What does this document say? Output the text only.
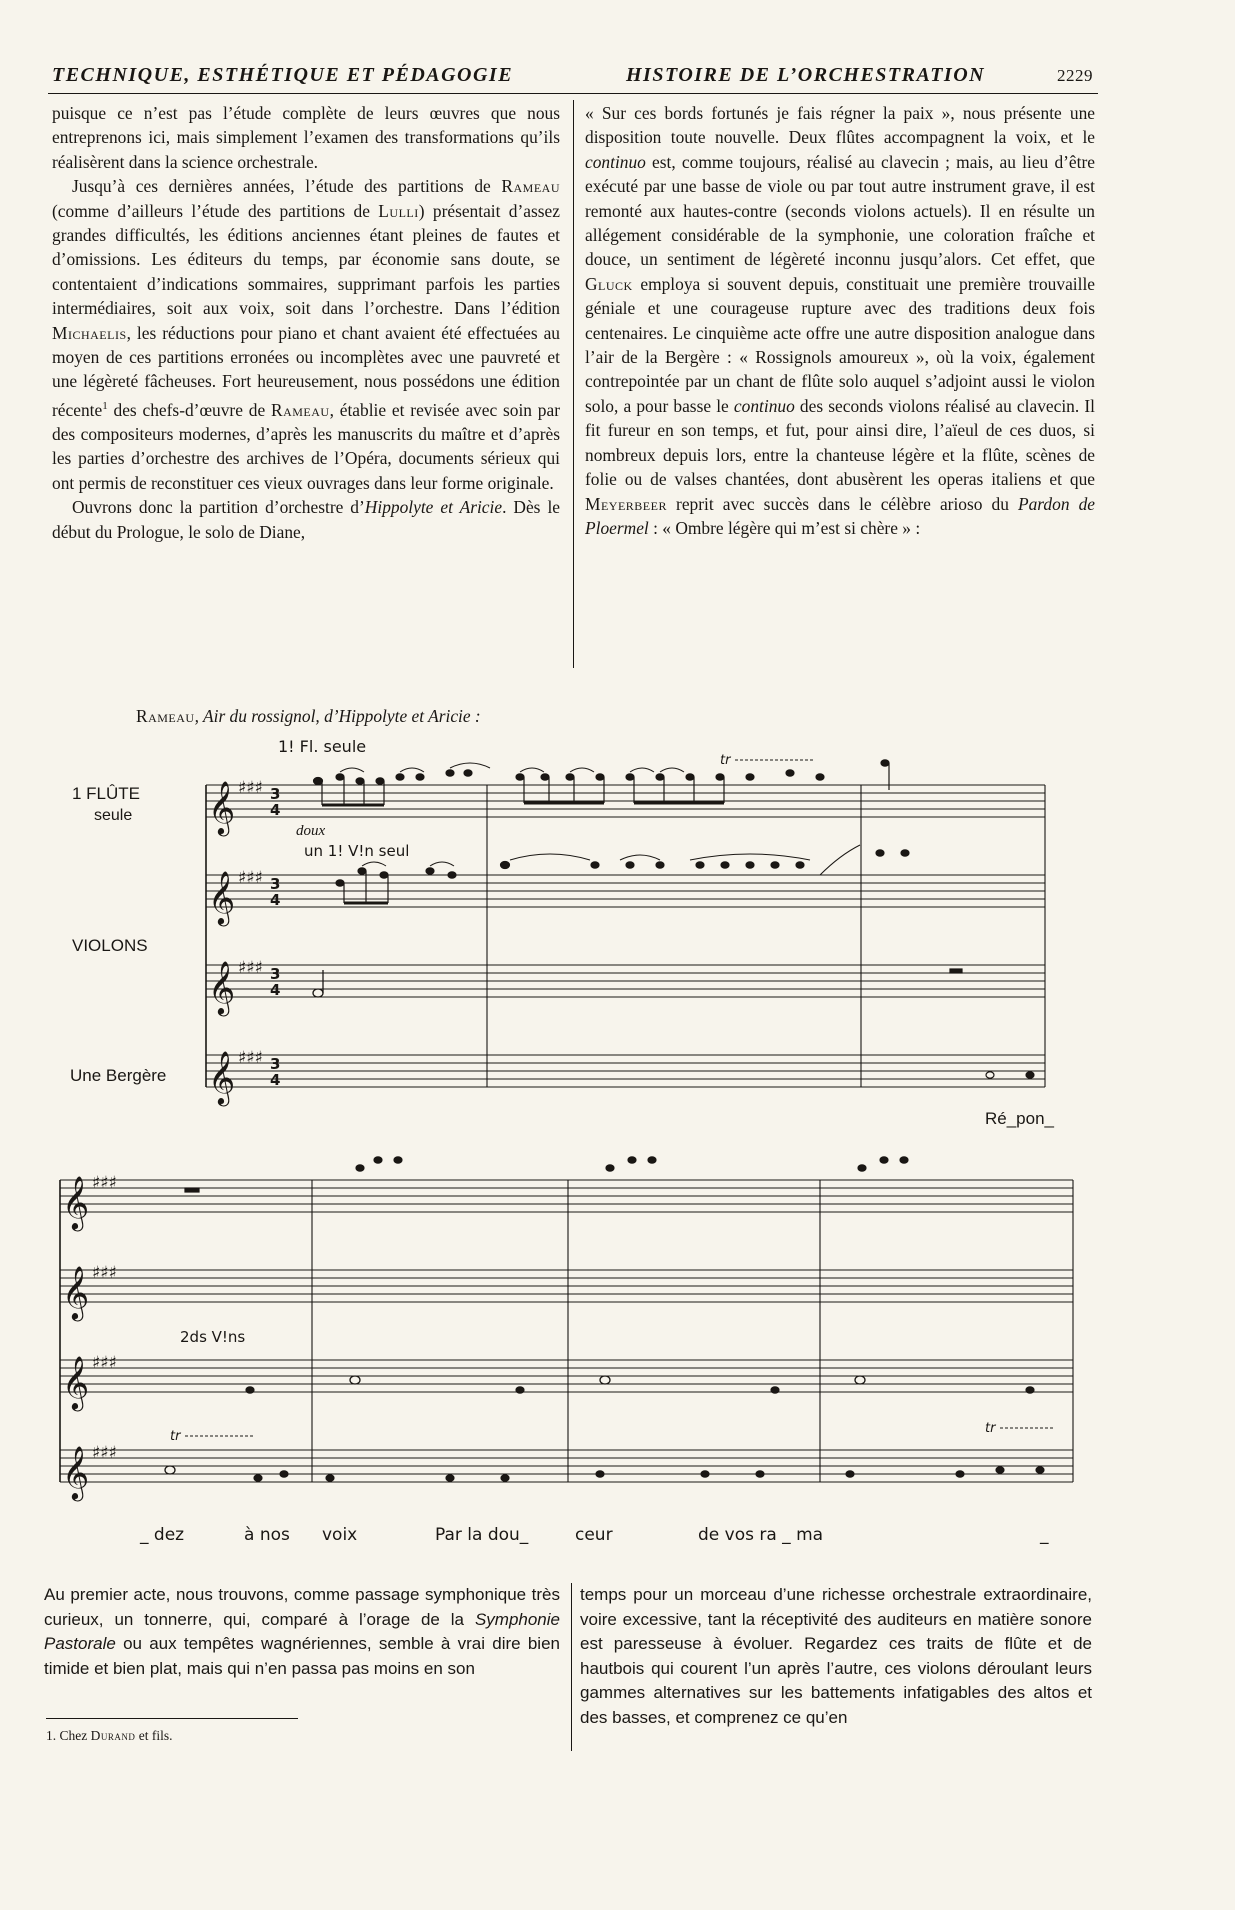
TECHNIQUE, ESTHÉTIQUE ET PÉDAGOGIE	HISTOIRE DE L’ORCHESTRATION	2229

puisque ce n’est pas l’étude complète de leurs œuvres que nous entreprenons ici, mais simplement l’examen des transformations qu’ils réalisèrent dans la science orchestrale.

Jusqu’à ces dernières années, l’étude des partitions de Rameau (comme d’ailleurs l’étude des partitions de Lulli) présentait d’assez grandes difficultés, les éditions anciennes étant pleines de fautes et d’omissions. Les éditeurs du temps, par économie sans doute, se contentaient d’indications sommaires, supprimant parfois les parties intermédiaires, soit aux voix, soit dans l’orchestre. Dans l’édition Michaelis, les réductions pour piano et chant avaient été effectuées au moyen de ces partitions erronées ou incomplètes avec une pauvreté et une légèreté fâcheuses. Fort heureusement, nous possédons une édition récente$^1$ des chefs-d’œuvre de Rameau, établie et revisée avec soin par des compositeurs modernes, d’après les manuscrits du maître et d’après les parties d’orchestre des archives de l’Opéra, documents sérieux qui ont permis de reconstituer ces vieux ouvrages dans leur forme originale.

Ouvrons donc la partition d’orchestre d’Hippolyte et Aricie. Dès le début du Prologue, le solo de Diane,

« Sur ces bords fortunés je fais régner la paix », nous présente une disposition toute nouvelle. Deux flûtes accompagnent la voix, et le continuo est, comme toujours, réalisé au clavecin ; mais, au lieu d’être exécuté par une basse de viole ou par tout autre instrument grave, il est remonté aux hautes-contre (seconds violons actuels). Il en résulte un allégement considérable de la symphonie, une coloration fraîche et douce, un sentiment de légèreté inconnu jusqu’alors. Cet effet, que Gluck employa si souvent depuis, constituait une première trouvaille géniale et une courageuse rupture avec des traditions deux fois centenaires. Le cinquième acte offre une autre disposition analogue dans l’air de la Bergère : « Rossignols amoureux », où la voix, également contrepointée par un chant de flûte solo auquel s’adjoint aussi le violon solo, a pour basse le continuo des seconds violons réalisé au clavecin. Il fit fureur en son temps, et fut, pour ainsi dire, l’aïeul de ces duos, si nombreux depuis lors, entre la chanteuse légère et la flûte, scènes de folie ou de valses chantées, dont abusèrent les operas italiens et que Meyerbeer reprit avec succès dans le célèbre arioso du Pardon de Ploermel : « Ombre légère qui m’est si chère » :

Rameau, Air du rossignol, d’Hippolyte et Aricie :
𝄞
𝄞
𝄞
𝄞
𝄞
𝄞
𝄞
𝄞
♯♯♯
♯♯♯
♯♯♯
♯♯♯
♯♯♯
♯♯♯
♯♯♯
♯♯♯
3
4
3
4
3
4
3
4
1! Fl. seule
doux
un 1! V!n seul
2ds V!ns
tr
tr
tr
1 FLÛTE
seule
VIOLONS
Une Bergère
Ré_pon_
_ dez	à nos voix	Par la dou_	ceur	de vos ra _ ma	_

Au premier acte, nous trouvons, comme passage symphonique très curieux, un tonnerre, qui, comparé à l’orage de la Symphonie Pastorale ou aux tempêtes wagnériennes, semble à vrai dire bien timide et bien plat, mais qui n’en passa pas moins en son

temps pour un morceau d’une richesse orchestrale extraordinaire, voire excessive, tant la réceptivité des auditeurs en matière sonore est paresseuse à évoluer. Regardez ces traits de flûte et de hautbois qui courent l’un après l’autre, ces violons déroulant leurs gammes alternatives sur les battements infatigables des altos et des basses, et comprenez ce qu’en

1. Chez Durand et fils.
